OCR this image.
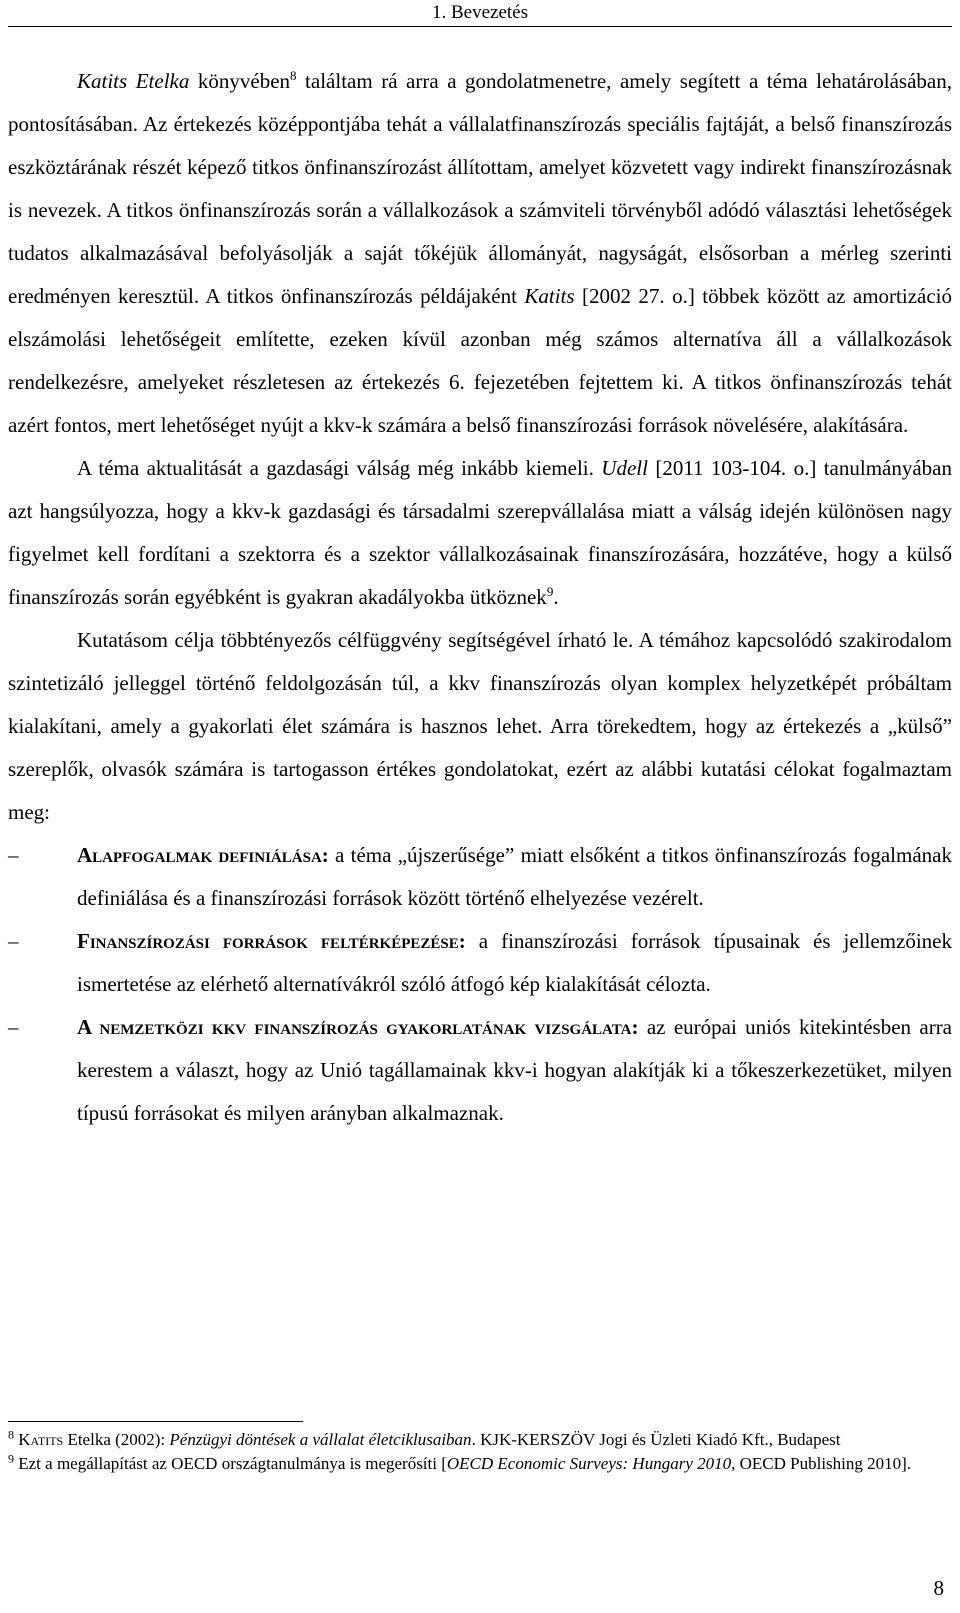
1. Bevezetés

Katits Etelka könyvében$^8$ találtam rá arra a gondolatmenetre, amely segített a téma lehatárolásában, pontosításában. Az értekezés középpontjába tehát a vállalatfinanszírozás speciális fajtáját, a belső finanszírozás eszköztárának részét képező titkos önfinanszírozást állítottam, amelyet közvetett vagy indirekt finanszírozásnak is nevezek. A titkos önfinanszírozás során a vállalkozások a számviteli törvényből adódó választási lehetőségek tudatos alkalmazásával befolyásolják a saját tőkéjük állományát, nagyságát, elsősorban a mérleg szerinti eredményen keresztül. A titkos önfinanszírozás példájaként Katits [2002 27. o.] többek között az amortizáció elszámolási lehetőségeit említette, ezeken kívül azonban még számos alternatíva áll a vállalkozások rendelkezésre, amelyeket részletesen az értekezés 6. fejezetében fejtettem ki. A titkos önfinanszírozás tehát azért fontos, mert lehetőséget nyújt a kkv-k számára a belső finanszírozási források növelésére, alakítására.

A téma aktualitását a gazdasági válság még inkább kiemeli. Udell [2011 103-104. o.] tanulmányában azt hangsúlyozza, hogy a kkv-k gazdasági és társadalmi szerepvállalása miatt a válság idején különösen nagy figyelmet kell fordítani a szektorra és a szektor vállalkozásainak finanszírozására, hozzátéve, hogy a külső finanszírozás során egyébként is gyakran akadályokba ütköznek$^9$.

Kutatásom célja többtényezős célfüggvény segítségével írható le. A témához kapcsolódó szakirodalom szintetizáló jelleggel történő feldolgozásán túl, a kkv finanszírozás olyan komplex helyzetképét próbáltam kialakítani, amely a gyakorlati élet számára is hasznos lehet. Arra törekedtem, hogy az értekezés a „külső” szereplők, olvasók számára is tartogasson értékes gondolatokat, ezért az alábbi kutatási célokat fogalmaztam meg:

–	Alapfogalmak definiálása: a téma „újszerűsége” miatt elsőként a titkos önfinanszírozás fogalmának definiálása és a finanszírozási források között történő elhelyezése vezérelt.
–	Finanszírozási források feltérképezése: a finanszírozási források típusainak és jellemzőinek ismertetése az elérhető alternatívákról szóló átfogó kép kialakítását célozta.
–	A nemzetközi kkv finanszírozás gyakorlatának vizsgálata: az európai uniós kitekintésben arra kerestem a választ, hogy az Unió tagállamainak kkv-i hogyan alakítják ki a tőkeszerkezetüket, milyen típusú forrásokat és milyen arányban alkalmaznak.

$^8$ Katits Etelka (2002): Pénzügyi döntések a vállalat életciklusaiban. KJK-KERSZÖV Jogi és Üzleti Kiadó Kft., Budapest

$^9$ Ezt a megállapítást az OECD országtanulmánya is megerősíti [OECD Economic Surveys: Hungary 2010, OECD Publishing 2010].

8
